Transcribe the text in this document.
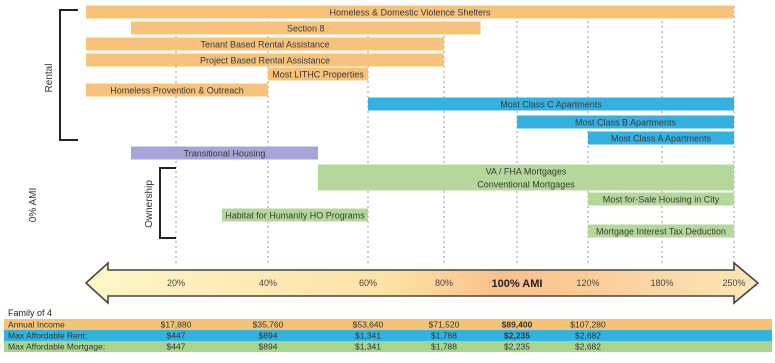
Rental
0% AMI	Ownership
Homeless & Domestic Violence Shelters
Section 8
Tenant Based Rental Assistance
Project Based Rental Assistance
Most LITHC Properties
Homeless Provention & Outreach
Most Class C Apartments
Most Class B Apartments
Most Class A Apartments
Transitional Housing
VA / FHA Mortgages
Conventional Mortgages
Most for-Sale Housing in City
Habitat for Humanity HO Programs
Mortgage Interest Tax Deduction
20%	40%	60%	80%	100% AMI	120%	180%	250%
Family of 4
Annual Income	$17,880	$35,760	$53,640	$71,520	$89,400	$107,280
Max Affordable Rent:	$447	$894	$1,341	$1,788	$2,235	$2,682
Max Affordable Mortgage:	$447	$894	$1,341	$1,788	$2,235	$2,682
